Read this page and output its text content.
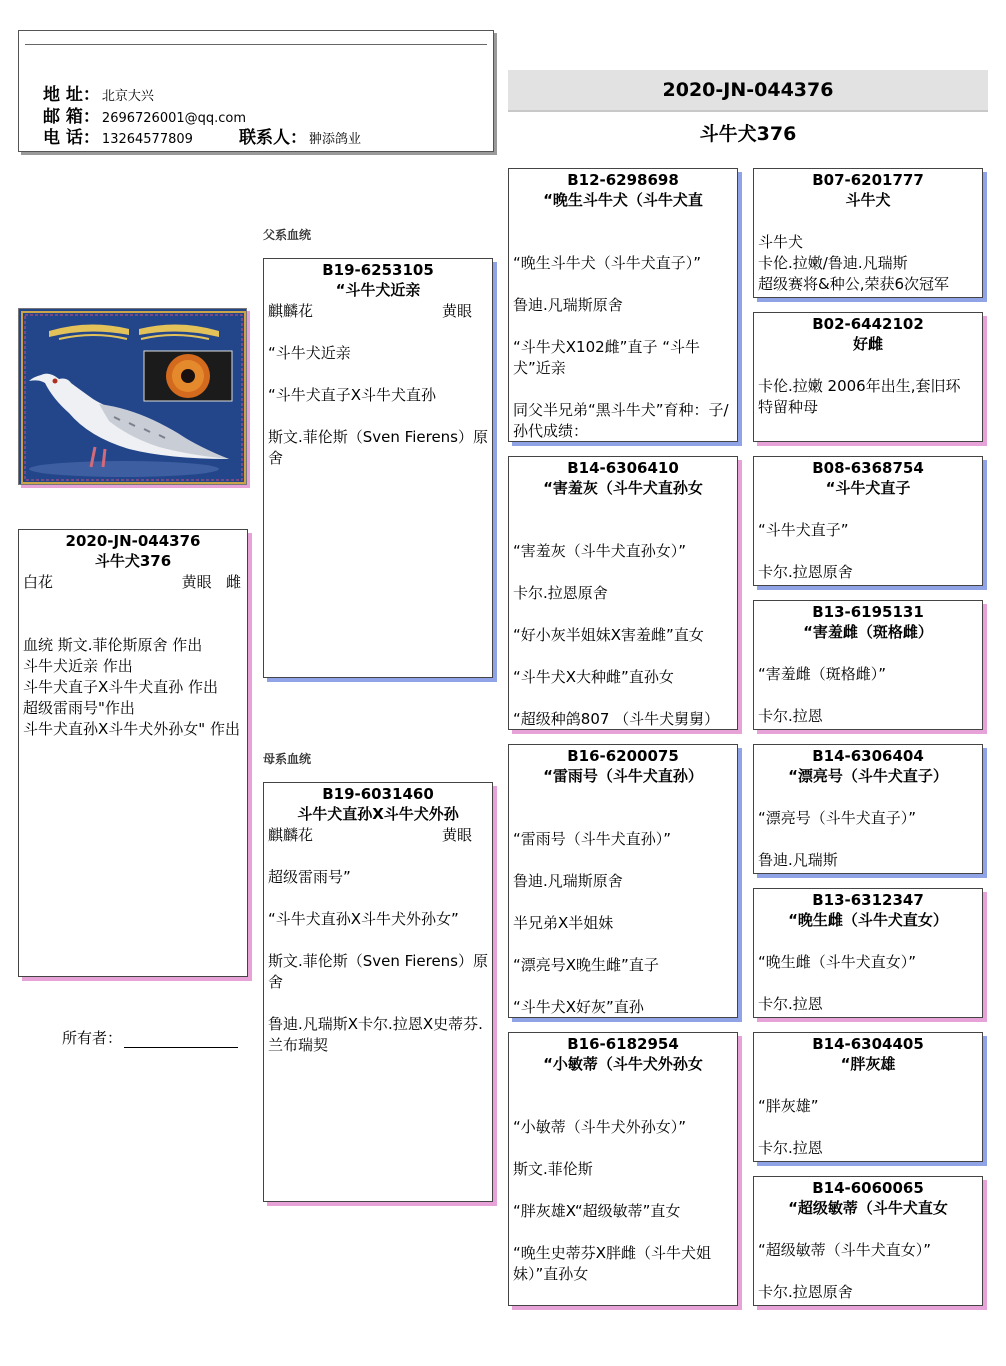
地 址： 北京大兴
邮 箱： 2696726001@qq.com
电 话： 13264577809	联系人： 翀添鸽业
2020-JN-044376
斗牛犬376
2020-JN-044376
斗牛犬376
白花	黄眼 雌
血统 斯文.菲伦斯原舍 作出
斗牛犬近亲 作出
斗牛犬直子X斗牛犬直孙 作出
超级雷雨号"作出
斗牛犬直孙X斗牛犬外孙女" 作出
所有者：
父系血统
母系血统
B19-6253105
“斗牛犬近亲
麒麟花	黄眼
“斗牛犬近亲
“斗牛犬直子X斗牛犬直孙
斯文.菲伦斯（Sven Fierens）原舍
B19-6031460
斗牛犬直孙X斗牛犬外孙
麒麟花	黄眼
超级雷雨号”
“斗牛犬直孙X斗牛犬外孙女”
斯文.菲伦斯（Sven Fierens）原舍
鲁迪.凡瑞斯X卡尔.拉恩X史蒂芬.兰布瑞契
B12-6298698
“晚生斗牛犬（斗牛犬直
“晚生斗牛犬（斗牛犬直子）”
鲁迪.凡瑞斯原舍
“斗牛犬X102雌”直子 “斗牛犬”近亲
同父半兄弟“黑斗牛犬”育种：子/孙代成绩：
B14-6306410
“害羞灰（斗牛犬直孙女
“害羞灰（斗牛犬直孙女）”
卡尔.拉恩原舍
“好小灰半姐妹X害羞雌”直女
“斗牛犬X大种雌”直孙女
“超级种鸽807 （斗牛犬舅舅）
B16-6200075
“雷雨号（斗牛犬直孙）
“雷雨号（斗牛犬直孙）”
鲁迪.凡瑞斯原舍
半兄弟X半姐妹
“漂亮号X晚生雌”直子
“斗牛犬X好灰”直孙
B16-6182954
“小敏蒂（斗牛犬外孙女
“小敏蒂（斗牛犬外孙女）”
斯文.菲伦斯
“胖灰雄X“超级敏蒂”直女
“晚生史蒂芬X胖雌（斗牛犬姐妹）”直孙女
B07-6201777
斗牛犬
斗牛犬
卡伦.拉嫩/鲁迪.凡瑞斯
超级赛将&种公,荣获6次冠军
B02-6442102
好雌
卡伦.拉嫩 2006年出生,套旧环
特留种母
B08-6368754
“斗牛犬直子
“斗牛犬直子”
卡尔.拉恩原舍
B13-6195131
“害羞雌（斑格雌）
“害羞雌（斑格雌）”
卡尔.拉恩
B14-6306404
“漂亮号（斗牛犬直子）
“漂亮号（斗牛犬直子）”
鲁迪.凡瑞斯
B13-6312347
“晚生雌（斗牛犬直女）
“晚生雌（斗牛犬直女）”
卡尔.拉恩
B14-6304405
“胖灰雄
“胖灰雄”
卡尔.拉恩
B14-6060065
“超级敏蒂（斗牛犬直女
“超级敏蒂（斗牛犬直女）”
卡尔.拉恩原舍
